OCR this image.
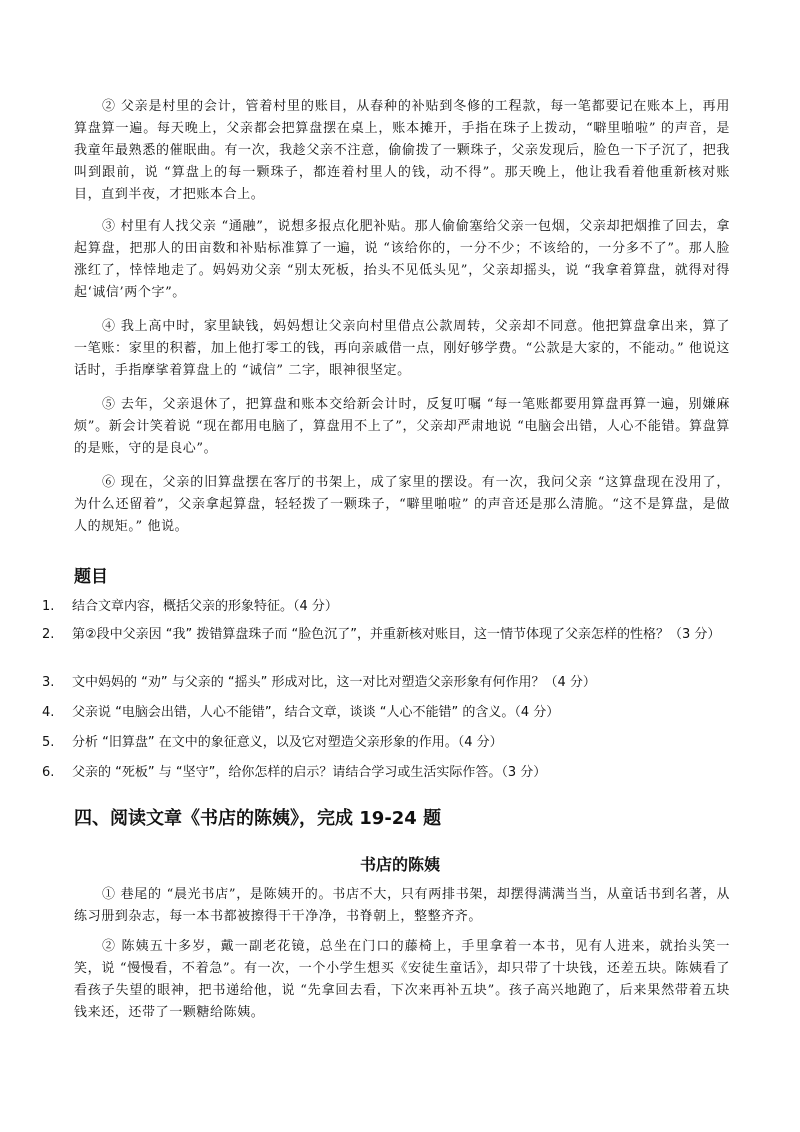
② 父亲是村里的会计，管着村里的账目，从春种的补贴到冬修的工程款，每一笔都要记在账本上，再用算盘算一遍。每天晚上，父亲都会把算盘摆在桌上，账本摊开，手指在珠子上拨动，“噼里啪啦” 的声音，是我童年最熟悉的催眠曲。有一次，我趁父亲不注意，偷偷拨了一颗珠子，父亲发现后，脸色一下子沉了，把我叫到跟前，说 “算盘上的每一颗珠子，都连着村里人的钱，动不得”。那天晚上，他让我看着他重新核对账目，直到半夜，才把账本合上。

③ 村里有人找父亲 “通融”，说想多报点化肥补贴。那人偷偷塞给父亲一包烟，父亲却把烟推了回去，拿起算盘，把那人的田亩数和补贴标准算了一遍，说 “该给你的，一分不少；不该给的，一分多不了”。那人脸涨红了，悻悻地走了。妈妈劝父亲 “别太死板，抬头不见低头见”，父亲却摇头，说 “我拿着算盘，就得对得起‘诚信’两个字”。

④ 我上高中时，家里缺钱，妈妈想让父亲向村里借点公款周转，父亲却不同意。他把算盘拿出来，算了一笔账：家里的积蓄，加上他打零工的钱，再向亲戚借一点，刚好够学费。“公款是大家的，不能动。” 他说这话时，手指摩挲着算盘上的 “诚信” 二字，眼神很坚定。

⑤ 去年，父亲退休了，把算盘和账本交给新会计时，反复叮嘱 “每一笔账都要用算盘再算一遍，别嫌麻烦”。新会计笑着说 “现在都用电脑了，算盘用不上了”，父亲却严肃地说 “电脑会出错，人心不能错。算盘算的是账，守的是良心”。

⑥ 现在，父亲的旧算盘摆在客厅的书架上，成了家里的摆设。有一次，我问父亲 “这算盘现在没用了，为什么还留着”，父亲拿起算盘，轻轻拨了一颗珠子，“噼里啪啦” 的声音还是那么清脆。“这不是算盘，是做人的规矩。” 他说。

题目
1.	结合文章内容，概括父亲的形象特征。（4 分）
2.	第②段中父亲因 “我” 拨错算盘珠子而 “脸色沉了”，并重新核对账目，这一情节体现了父亲怎样的性格？（3 分）
3.	文中妈妈的 “劝” 与父亲的 “摇头” 形成对比，这一对比对塑造父亲形象有何作用？（4 分）
4.	父亲说 “电脑会出错，人心不能错”，结合文章，谈谈 “人心不能错” 的含义。（4 分）
5.	分析 “旧算盘” 在文中的象征意义，以及它对塑造父亲形象的作用。（4 分）
6.	父亲的 “死板” 与 “坚守”，给你怎样的启示？请结合学习或生活实际作答。（3 分）
四、阅读文章《书店的陈姨》，完成 19-24 题
书店的陈姨

① 巷尾的 “晨光书店”，是陈姨开的。书店不大，只有两排书架，却摆得满满当当，从童话书到名著，从练习册到杂志，每一本书都被擦得干干净净，书脊朝上，整整齐齐。

② 陈姨五十多岁，戴一副老花镜，总坐在门口的藤椅上，手里拿着一本书，见有人进来，就抬头笑一笑，说 “慢慢看，不着急”。有一次，一个小学生想买《安徒生童话》，却只带了十块钱，还差五块。陈姨看了看孩子失望的眼神，把书递给他，说 “先拿回去看，下次来再补五块”。孩子高兴地跑了，后来果然带着五块钱来还，还带了一颗糖给陈姨。
